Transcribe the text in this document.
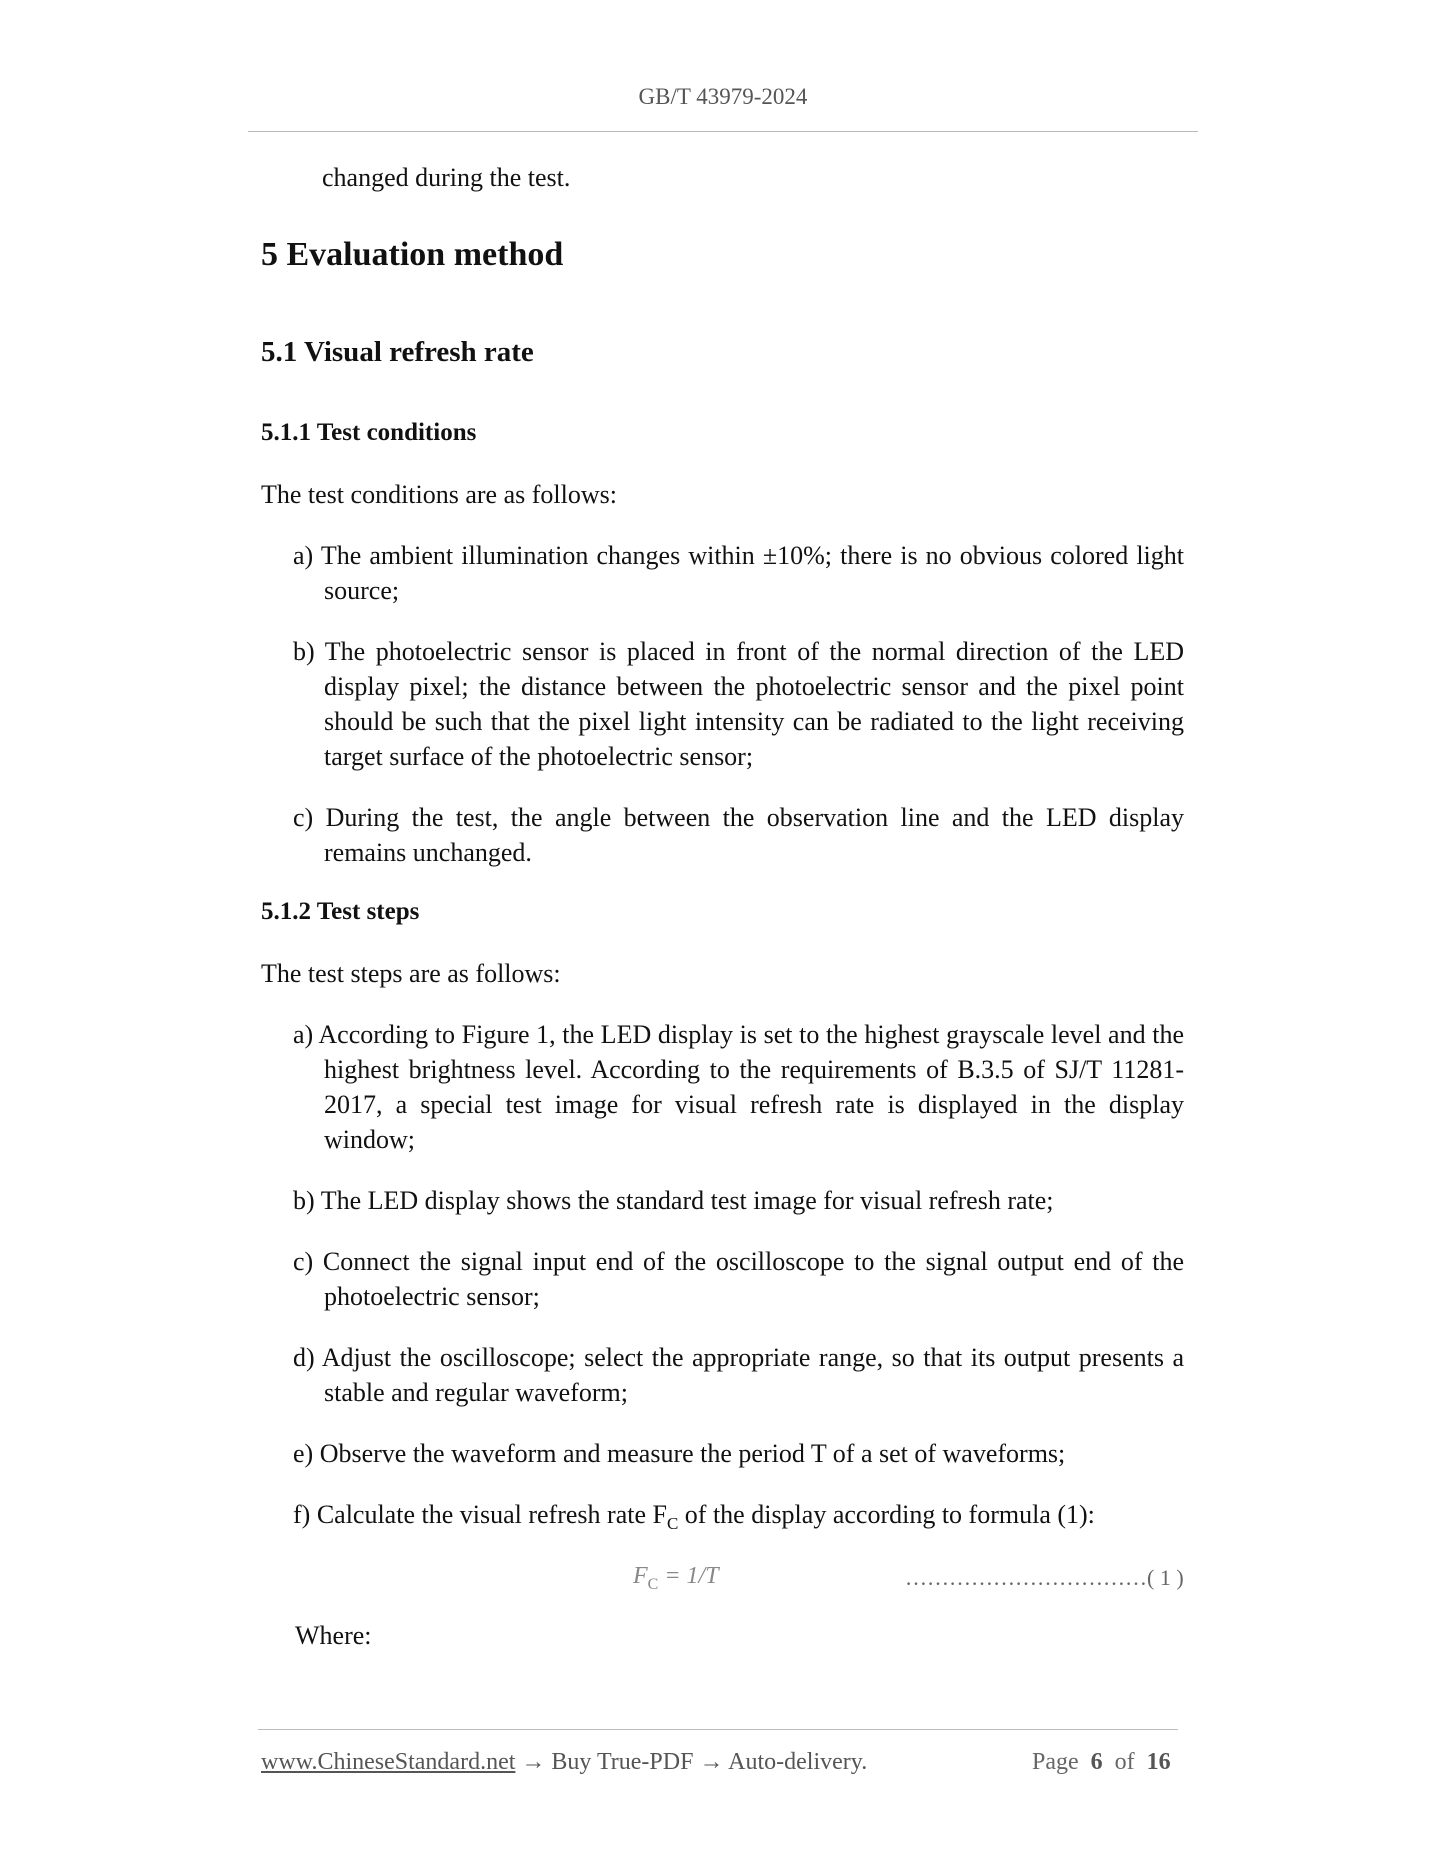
GB/T 43979-2024
changed during the test.
5 Evaluation method
5.1 Visual refresh rate
5.1.1 Test conditions
The test conditions are as follows:
a) The ambient illumination changes within ±10%; there is no obvious colored light source;
b) The photoelectric sensor is placed in front of the normal direction of the LED display pixel; the distance between the photoelectric sensor and the pixel point should be such that the pixel light intensity can be radiated to the light receiving target surface of the photoelectric sensor;
c) During the test, the angle between the observation line and the LED display remains unchanged.
5.1.2 Test steps
The test steps are as follows:
a) According to Figure 1, the LED display is set to the highest grayscale level and the highest brightness level. According to the requirements of B.3.5 of SJ/T 11281-2017, a special test image for visual refresh rate is displayed in the display window;
b) The LED display shows the standard test image for visual refresh rate;
c) Connect the signal input end of the oscilloscope to the signal output end of the photoelectric sensor;
d) Adjust the oscilloscope; select the appropriate range, so that its output presents a stable and regular waveform;
e) Observe the waveform and measure the period T of a set of waveforms;
f) Calculate the visual refresh rate $F_C$ of the display according to formula (1):
$F_C = 1/T$	……………………………( 1 )
Where:
www.ChineseStandard.net → Buy True-PDF → Auto-delivery.	Page 6 of 16
